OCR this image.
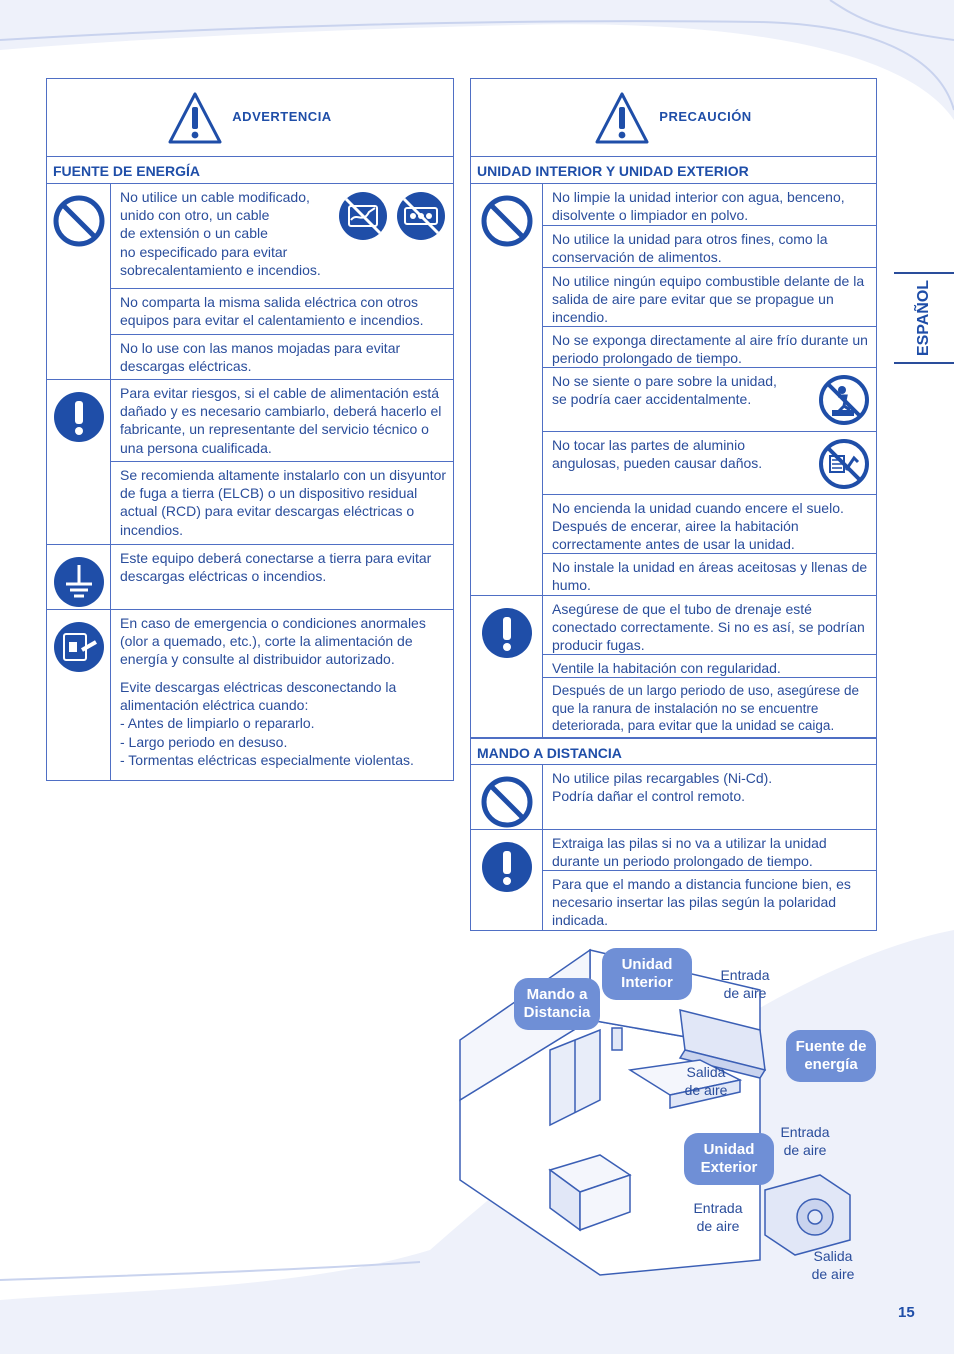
ADVERTENCIA
FUENTE DE ENERGÍA
No utilice un cable modificado,
unido con otro, un cable
de extensión o un cable
no especificado para evitar
sobrecalentamiento e incendios.
No comparta la misma salida eléctrica con otros equipos para evitar el calentamiento e incendios.
No lo use con las manos mojadas para evitar descargas eléctricas.
Para evitar riesgos, si el cable de alimentación está dañado y es necesario cambiarlo, deberá hacerlo el fabricante, un representante del servicio técnico o una persona cualificada.
Se recomienda altamente instalarlo con un disyuntor de fuga a tierra (ELCB) o un dispositivo residual actual (RCD) para evitar descargas eléctricas o incendios.
Este equipo deberá conectarse a tierra para evitar descargas eléctricas o incendios.
En caso de emergencia o condiciones anormales (olor a quemado, etc.), corte la alimentación de energía y consulte al distribuidor autorizado.
Evite descargas eléctricas desconectando la alimentación eléctrica cuando:
- Antes de limpiarlo o repararlo.
- Largo periodo en desuso.
- Tormentas eléctricas especialmente violentas.
PRECAUCIÓN
UNIDAD INTERIOR Y UNIDAD EXTERIOR
No limpie la unidad interior con agua, benceno, disolvente o limpiador en polvo.
No utilice la unidad para otros fines, como la conservación de alimentos.
No utilice ningún equipo combustible delante de la salida de aire pare evitar que se propague un incendio.
No se exponga directamente al aire frío durante un periodo prolongado de tiempo.
No se siente o pare sobre la unidad,
se podría caer accidentalmente.
No tocar las partes de aluminio
angulosas, pueden causar daños.
No encienda la unidad cuando encere el suelo. Después de encerar, airee la habitación correctamente antes de usar la unidad.
No instale la unidad en áreas aceitosas y llenas de humo.
Asegúrese de que el tubo de drenaje esté conectado correctamente. Si no es así, se podrían producir fugas.
Ventile la habitación con regularidad.
Después de un largo periodo de uso, asegúrese de que la ranura de instalación no se encuentre deteriorada, para evitar que la unidad se caiga.
MANDO A DISTANCIA
No utilice pilas recargables (Ni-Cd).
Podría dañar el control remoto.
Extraiga las pilas si no va a utilizar la unidad durante un periodo prolongado de tiempo.
Para que el mando a distancia funcione bien, es necesario insertar las pilas según la polaridad indicada.
ESPAÑOL
Unidad
Interior
Mando a
Distancia
Fuente de
energía
Unidad
Exterior
Entrada
de aire
Salida
de aire
Entrada
de aire
Entrada
de aire
Salida
de aire
15
